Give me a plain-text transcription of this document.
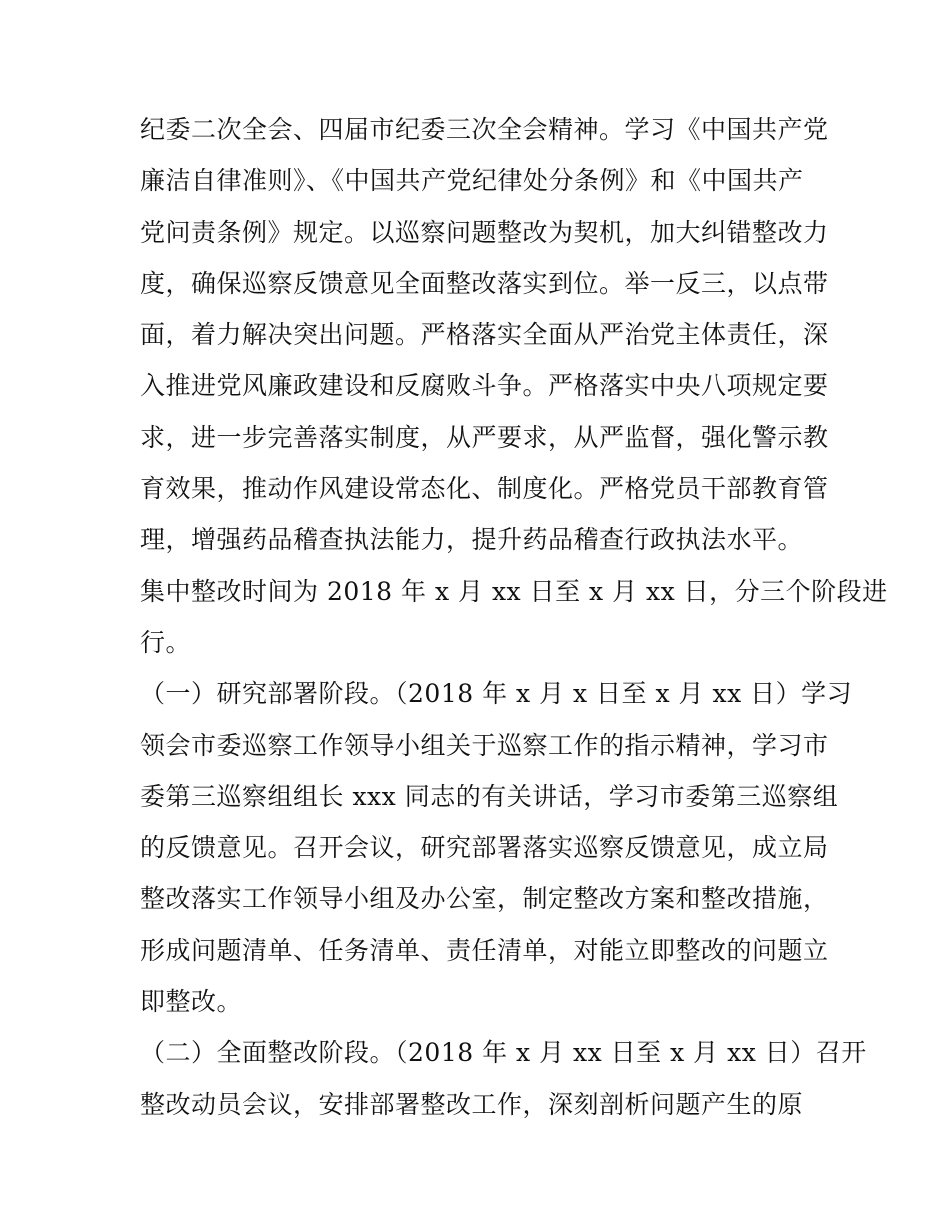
纪委二次全会、四届市纪委三次全会精神。学习《中国共产党
廉洁自律准则》、《中国共产党纪律处分条例》和《中国共产
党问责条例》规定。以巡察问题整改为契机，加大纠错整改力
度，确保巡察反馈意见全面整改落实到位。举一反三，以点带
面，着力解决突出问题。严格落实全面从严治党主体责任，深
入推进党风廉政建设和反腐败斗争。严格落实中央八项规定要
求，进一步完善落实制度，从严要求，从严监督，强化警示教
育效果，推动作风建设常态化、制度化。严格党员干部教育管
理，增强药品稽查执法能力，提升药品稽查行政执法水平。
集中整改时间为 2018 年 x 月 xx 日至 x 月 xx 日，分三个阶段进
行。
（一）研究部署阶段。（2018 年 x 月 x 日至 x 月 xx 日）学习
领会市委巡察工作领导小组关于巡察工作的指示精神，学习市
委第三巡察组组长 xxx 同志的有关讲话，学习市委第三巡察组
的反馈意见。召开会议，研究部署落实巡察反馈意见，成立局
整改落实工作领导小组及办公室，制定整改方案和整改措施，
形成问题清单、任务清单、责任清单，对能立即整改的问题立
即整改。
（二）全面整改阶段。（2018 年 x 月 xx 日至 x 月 xx 日）召开
整改动员会议，安排部署整改工作，深刻剖析问题产生的原
